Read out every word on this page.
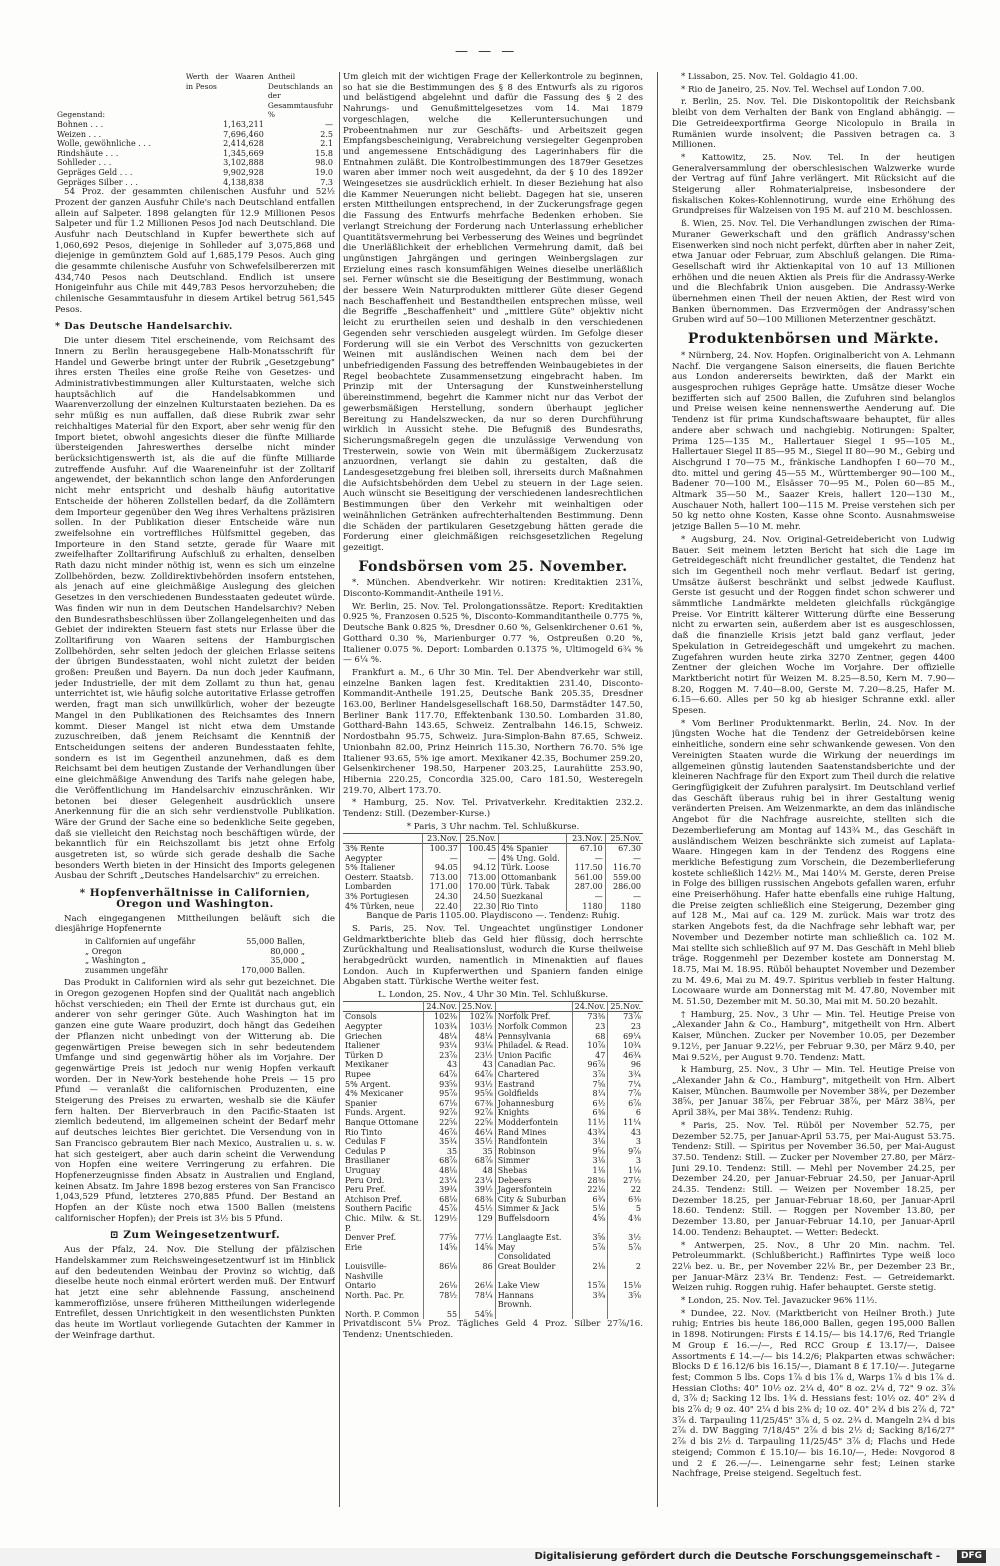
— — —
Gegenstand:	Werth der Waaren in Pesos	Antheil Deutschlands an der Gesammtausfuhr %
Bohnen . . .	1,163,211	—
Weizen . . .	7,696,460	2.5
Wolle, gewöhnliche . . .	2,414,628	2.1
Rindshäute . . .	1,345,669	15.8
Sohlleder . . .	3,102,888	98.0
Gepräges Geld . . .	9,902,928	19.0
Gepräges Silber . . .	4,138,838	7.3

54 Proz. der gesammten chilenischen Ausfuhr und 52½ Prozent der ganzen Ausfuhr Chile's nach Deutschland entfallen allein auf Salpeter. 1898 gelangten für 12.9 Millionen Pesos Salpeter und für 1.2 Millionen Pesos Jod nach Deutschland. Die Ausfuhr nach Deutschland in Kupfer bewerthete sich auf 1,060,692 Pesos, diejenige in Sohlleder auf 3,075,868 und diejenige in gemünztem Gold auf 1,685,179 Pesos. Auch ging die gesammte chilenische Ausfuhr von Schwefelsilbererzen mit 434,740 Pesos nach Deutschland. Endlich ist unsere Honigeinfuhr aus Chile mit 449,783 Pesos hervorzuheben; die chilenische Gesammtausfuhr in diesem Artikel betrug 561,545 Pesos.

* Das Deutsche Handelsarchiv.

Die unter diesem Titel erscheinende, vom Reichsamt des Innern zu Berlin herausgegebene Halb-Monatsschrift für Handel und Gewerbe bringt unter der Rubrik „Gesetzgebung" ihres ersten Theiles eine große Reihe von Gesetzes- und Administrativbestimmungen aller Kulturstaaten, welche sich hauptsächlich auf die Handelsabkommen und Waarenverzollung der einzelnen Kulturstaaten beziehen. Da es sehr müßig es nun auffallen, daß diese Rubrik zwar sehr reichhaltiges Material für den Export, aber sehr wenig für den Import bietet, obwohl angesichts dieser die fünfte Milliarde übersteigenden Jahreswerthes derselbe nicht minder berücksichtigenswerth ist, als die auf die fünfte Milliarde zutreffende Ausfuhr. Auf die Waareneinfuhr ist der Zolltarif angewendet, der bekanntlich schon lange den Anforderungen nicht mehr entspricht und deshalb häufig autoritative Entscheide der höheren Zollstellen bedarf, da die Zollämtern dem Importeur gegenüber den Weg ihres Verhaltens präzisiren sollen. In der Publikation dieser Entscheide wäre nun zweifelsohne ein vortreffliches Hülfsmittel gegeben, das Importeure in den Stand setzte, gerade für Waare mit zweifelhafter Zolltarifirung Aufschluß zu erhalten, denselben Rath dazu nicht minder nöthig ist, wenn es sich um einzelne Zollbehörden, bezw. Zolldirektivbehörden insofern entstehen, als jenach auf eine gleichmäßige Auslegung des gleichen Gesetzes in den verschiedenen Bundesstaaten gedeutet würde. Was finden wir nun in dem Deutschen Handelsarchiv? Neben den Bundesrathsbeschlüssen über Zollangelegenheiten und das Gebiet der indirekten Steuern fast stets nur Erlasse über die Zolltarifirung von Waaren seitens der Hamburgischen Zollbehörden, sehr selten jedoch der gleichen Erlasse seitens der übrigen Bundesstaaten, wohl nicht zuletzt der beiden großen: Preußen und Bayern. Da nun doch jeder Kaufmann, jeder Industrielle, der mit dem Zollamt zu thun hat, genau unterrichtet ist, wie häufig solche autoritative Erlasse getroffen werden, fragt man sich unwillkürlich, woher der bezeugte Mangel in den Publikationen des Reichsamtes des Innern kommt. Dieser Mangel ist nicht etwa dem Umstande zuzuschreiben, daß jenem Reichsamt die Kenntniß der Entscheidungen seitens der anderen Bundesstaaten fehlte, sondern es ist im Gegentheil anzunehmen, daß es dem Reichsamt bei dem heutigen Zustande der Verhandlungen über eine gleichmäßige Anwendung des Tarifs nahe gelegen habe, die Veröffentlichung im Handelsarchiv einzuschränken. Wir betonen bei dieser Gelegenheit ausdrücklich unsere Anerkennung für die an sich sehr verdienstvolle Publikation. Wäre der Grund der Sache eine so bedenkliche Seite gegeben, daß sie vielleicht den Reichstag noch beschäftigen würde, der bekanntlich für ein Reichszollamt bis jetzt ohne Erfolg ausgetreten ist, so würde sich gerade deshalb die Sache besonders Werth bieten in der Hinsicht des Imports gelegenen Ausbau der Schrift „Deutsches Handelsarchiv" zu erreichen.

* Hopfenverhältnisse in Californien, Oregon und Washington.

Nach eingegangenen Mittheilungen beläuft sich die diesjährige Hopfenernte

in Californien auf ungefähr	55,000 Ballen,
„ Oregon	80,000 „
„ Washington „	35,000 „
zusammen ungefähr	170,000 Ballen.

Das Produkt in Californien wird als sehr gut bezeichnet. Die in Oregon gezogenen Hopfen sind der Qualität nach angeblich höchst verschieden; ein Theil der Ernte ist durchaus gut, ein anderer von sehr geringer Güte. Auch Washington hat im ganzen eine gute Waare produzirt, doch hängt das Gedeihen der Pflanzen nicht unbedingt von der Witterung ab. Die gegenwärtigen Preise bewegen sich in sehr bedeutendem Umfange und sind gegenwärtig höher als im Vorjahre. Der gegenwärtige Preis ist jedoch nur wenig Hopfen verkauft worden. Der in New-York bestehende hohe Preis — 15 pro Pfund — veranlaßt die californischen Produzenten, eine Steigerung des Preises zu erwarten, weshalb sie die Käufer fern halten. Der Bierverbrauch in den Pacific-Staaten ist ziemlich bedeutend, im allgemeinen scheint der Bedarf mehr auf deutsches leichtes Bier gerichtet. Die Versendung von in San Francisco gebrautem Bier nach Mexico, Australien u. s. w. hat sich gesteigert, aber auch darin scheint die Verwendung von Hopfen eine weitere Verringerung zu erfahren. Die Hopfenerzeugnisse finden Absatz in Australien und England, keinen Absatz. Im Jahre 1898 bezog ersteres von San Francisco 1,043,529 Pfund, letzteres 270,885 Pfund. Der Bestand an Hopfen an der Küste noch etwa 1500 Ballen (meistens californischer Hopfen); der Preis ist 3½ bis 5 Pfund.

⊡ Zum Weingesetzentwurf.

Aus der Pfalz, 24. Nov. Die Stellung der pfälzischen Handelskammer zum Reichsweingesetzentwurf ist im Hinblick auf den bedeutenden Weinbau der Provinz so wichtig, daß dieselbe heute noch einmal erörtert werden muß. Der Entwurf hat jetzt eine sehr ablehnende Fassung, anscheinend kammeroffiziöse, unsere früheren Mittheilungen widerlegende Entrefilet, dessen Unrichtigkeit in den wesentlichsten Punkten das heute im Wortlaut vorliegende Gutachten der Kammer in der Weinfrage darthut.

Um gleich mit der wichtigen Frage der Kellerkontrole zu beginnen, so hat sie die Bestimmungen des § 8 des Entwurfs als zu rigoros und belästigend abgelehnt und dafür die Fassung des § 2 des Nahrungs- und Genußmittelgesetzes vom 14. Mai 1879 vorgeschlagen, welche die Kelleruntersuchungen und Probeentnahmen nur zur Geschäfts- und Arbeitszeit gegen Empfangsbescheinigung, Verabreichung versiegelter Gegenproben und angemessene Entschädigung des Lagerinhabers für die Entnahmen zuläßt. Die Kontrolbestimmungen des 1879er Gesetzes waren aber immer noch weit ausgedehnt, da der § 10 des 1892er Weingesetzes sie ausdrücklich erhielt. In dieser Beziehung hat also die Kammer Neuerungen nicht beliebt. Dagegen hat sie, unseren ersten Mittheilungen entsprechend, in der Zuckerungsfrage gegen die Fassung des Entwurfs mehrfache Bedenken erhoben. Sie verlangt Streichung der Forderung nach Unterlassung erheblicher Quantitätsvermehrung bei Verbesserung des Weines und begründet die Unerläßlichkeit der erheblichen Vermehrung damit, daß bei ungünstigen Jahrgängen und geringen Weinbergslagen zur Erzielung eines rasch konsumfähigen Weines dieselbe unerläßlich sei. Ferner wünscht sie die Beseitigung der Bestimmung, wonach der bessere Wein Naturprodukten mittlerer Güte dieser Gegend nach Beschaffenheit und Bestandtheilen entsprechen müsse, weil die Begriffe „Beschaffenheit" und „mittlere Güte" objektiv nicht leicht zu erurtheilen seien und deshalb in den verschiedenen Gegenden sehr verschieden ausgelegt würden. Im Gefolge dieser Forderung will sie ein Verbot des Verschnitts von gezuckerten Weinen mit ausländischen Weinen nach dem bei der unbefriedigenden Fassung des betreffenden Weinbaugebietes in der Regel beobachtete Zusammensetzung eingebracht haben. Im Prinzip mit der Untersagung der Kunstweinherstellung übereinstimmend, begehrt die Kammer nicht nur das Verbot der gewerbsmäßigen Herstellung, sondern überhaupt jeglicher Bereitung zu Handelszwecken, da nur so deren Durchführung wirklich in Aussicht stehe. Die Befugniß des Bundesraths, Sicherungsmaßregeln gegen die unzulässige Verwendung von Tresterwein, sowie von Wein mit übermäßigem Zuckerzusatz anzuordnen, verlangt sie dahin zu gestalten, daß die Landesgesetzgebung frei bleiben soll, ihrerseits durch Maßnahmen die Aufsichtsbehörden dem Uebel zu steuern in der Lage seien. Auch wünscht sie Beseitigung der verschiedenen landesrechtlichen Bestimmungen über den Verkehr mit weinhaltigen oder weinähnlichen Getränken aufrechterhaltenden Bestimmung. Denn die Schäden der partikularen Gesetzgebung hätten gerade die Forderung einer gleichmäßigen reichsgesetzlichen Regelung gezeitigt.

Fondsbörsen vom 25. November.

*. München. Abendverkehr. Wir notiren: Kreditaktien 231⅞, Disconto-Kommandit-Antheile 191½.

Wr. Berlin, 25. Nov. Tel. Prolongationssätze. Report: Kreditaktien 0.925 %, Franzosen 0.525 %, Disconto-Kommanditantheile 0.775 %, Deutsche Bank 0.825 %, Dresdner 0.60 %, Gelsenkirchener 0.61 %, Gotthard 0.30 %, Marienburger 0.77 %, Ostpreußen 0.20 %, Italiener 0.075 %. Deport: Lombarden 0.1375 %, Ultimogeld 6¾ % — 6¼ %.

Frankfurt a. M., 6 Uhr 30 Min. Tel. Der Abendverkehr war still, einzelne Banken lagen fest. Kreditaktien 231.40, Disconto-Kommandit-Antheile 191.25, Deutsche Bank 205.35, Dresdner 163.00, Berliner Handelsgesellschaft 168.50, Darmstädter 147.50, Berliner Bank 117.70, Effektenbank 130.50. Lombarden 31.80, Gotthard-Bahn 143.65, Schweiz. Zentralbahn 146.15, Schweiz. Nordostbahn 95.75, Schweiz. Jura-Simplon-Bahn 87.65, Schweiz. Unionbahn 82.00, Prinz Heinrich 115.30, Northern 76.70. 5% ige Italiener 93.65, 5% ige amort. Mexikaner 42.35, Bochumer 259.20, Gelsenkirchener 198.50, Harpener 203.25, Laurahütte 253.90, Hibernia 220.25, Concordia 325.00, Caro 181.50, Westeregeln 219.70, Albert 173.70.

* Hamburg, 25. Nov. Tel. Privatverkehr. Kreditaktien 232.2. Tendenz: Still. (Dezember-Kurse.)

* Paris, 3 Uhr nachm. Tel. Schlußkurse.
	23.Nov.	25.Nov.		23.Nov.	25.Nov.
3% Rente	100.37	100.45	4% Spanier	67.10	67.30
Aegypter	—	—	4% Ung. Gold.	—	—
5% Italiener	94.05	94.12	Türk. Loose	117.50	116.70
Oesterr. Staatsb.	713.00	713.00	Ottomanbank	561.00	559.00
Lombarden	171.00	170.00	Türk. Tabak	287.00	286.00
3% Portugiesen	24.30	24.50	Suezkanal	—	—
4% Türken, neue	22.40	22.30	Rio Tinto	1180	1180

Banque de Paris 1105.00. Playdiscono —. Tendenz: Ruhig.

S. Paris, 25. Nov. Tel. Ungeachtet ungünstiger Londoner Geldmarktberichte blieb das Geld hier flüssig, doch herrschte Zurückhaltung und Realisationslust, wodurch die Kurse theilweise herabgedrückt wurden, namentlich in Minenaktien auf flaues London. Auch in Kupferwerthen und Spaniern fanden einige Abgaben statt. Türkische Werthe weiter fest.

L. London, 25. Nov., 4 Uhr 30 Min. Tel. Schlußkurse.
	24.Nov.	25.Nov.		24.Nov.	25.Nov.
Consols	102⅜	102⅞	Norfolk Pref.	73⅜	73⅞
Aegypter	103¾	103½	Norfolk Common	23	23
Griechen	48¼	48¼	Pennsylvania	68	69¼
Italiener	93¼	93⅛	Philadel. & Read.	10⅞	10¾
Türken D	23⅞	23½	Union Pacific	47	46¾
Mexikaner	43	43	Canadian Pac.	96⅞	96
Rupee	64⅞	64⅞	Chartered	3⅞	3¾
5% Argent.	93⅝	93½	Eastrand	7⅝	7¼
4% Mexicaner	95⅞	95⅝	Goldfields	8¼	7⅞
Spanier	67⅛	67⅜	Johannesburg	6½	6⅞
Funds. Argent.	92⅞	92⅞	Knights	6⅜	6
Banque Ottomane	22⅝	22⅝	Modderfontein	11½	11¼
Rio Tinto	46⅞	46¼	Rand Mines	43¾	43
Cedulas F	35¾	35½	Randfontein	3⅛	3
Cedulas P	35	35	Robinson	9⅝	9⅞
Brasilianer	68⅞	68⅞	Simmer	3⅛	3
Uruguay	48⅛	48	Shebas	1⅛	1⅛
Peru Ord.	23¼	23¼	Debeers	28⅜	27½
Peru Pref.	39¾	39½	Jagersfontein	22⅛	22
Atchison Pref.	68⅛	68⅜	City & Suburban	6¾	6⅜
Southern Pacific	45⅞	45½	Simmer & Jack	5⅛	5
Chic. Milw. & St. P.	129½	129	Buffelsdoorn	4⅝	4⅜
Denver Pref.	77⅝	77½	Langlaagte Est.	3⅝	3½
Erie	14⅝	14⅝	May Consolidated	5⅞	5⅞
Louisville-Nashville	86⅛	86	Great Boulder	2⅛	2
Ontario	26⅛	26⅛	Lake View	15⅞	15⅛
North. Pac. Pr.	78½	78¼	Hannans Brownh.	3¾	3⅝
North. P. Common	55	54⅝			

Privatdiscont 5¼ Proz. Tägliches Geld 4 Proz. Silber 27⅞/16. Tendenz: Unentschieden.

* Lissabon, 25. Nov. Tel. Goldagio 41.00.

* Rio de Janeiro, 25. Nov. Tel. Wechsel auf London 7.00.

r. Berlin, 25. Nov. Tel. Die Diskontopolitik der Reichsbank bleibt von dem Verhalten der Bank von England abhängig. — Die Getreideexportfirma George Nicolopulo in Braila in Rumänien wurde insolvent; die Passiven betragen ca. 3 Millionen.

* Kattowitz, 25. Nov. Tel. In der heutigen Generalversammlung der oberschlesischen Walzwerke wurde der Vertrag auf fünf Jahre verlängert. Mit Rücksicht auf die Steigerung aller Rohmaterialpreise, insbesondere der fiskalischen Kokes-Kohlennotirung, wurde eine Erhöhung des Grundpreises für Walzeisen von 195 M. auf 210 M. beschlossen.

ß. Wien, 25. Nov. Tel. Die Verhandlungen zwischen der Rima-Muraner Gewerkschaft und den gräflich Andrassy'schen Eisenwerken sind noch nicht perfekt, dürften aber in naher Zeit, etwa Januar oder Februar, zum Abschluß gelangen. Die Rima-Gesellschaft wird ihr Aktienkapital von 10 auf 13 Millionen erhöhen und die neuen Aktien als Preis für die Andrassy-Werke und die Blechfabrik Union ausgeben. Die Andrassy-Werke übernehmen einen Theil der neuen Aktien, der Rest wird von Banken übernommen. Das Erzvermögen der Andrassy'schen Gruben wird auf 50—100 Millionen Meterzentner geschätzt.

Produktenbörsen und Märkte.

* Nürnberg, 24. Nov. Hopfen. Originalbericht von A. Lehmann Nachf. Die vergangene Saison einerseits, die flauen Berichte aus London andererseits bewirkten, daß der Markt ein ausgesprochen ruhiges Gepräge hatte. Umsätze dieser Woche bezifferten sich auf 2500 Ballen, die Zufuhren sind belanglos und Preise weisen keine nennenswerthe Aenderung auf. Die Tendenz ist für prima Kundschaftswaare behauptet, für alles andere aber schwach und nachgiebig. Notirungen: Spalter, Prima 125—135 M., Hallertauer Siegel I 95—105 M., Hallertauer Siegel II 85—95 M., Siegel II 80—90 M., Gebirg und Aischgrund I 70—75 M., fränkische Landhopfen I 60—70 M., dto. mittel und gering 45—55 M., Württemberger 90—100 M., Badener 70—100 M., Elsässer 70—95 M., Polen 60—85 M., Altmark 35—50 M., Saazer Kreis, hallert 120—130 M., Auschauer Noth, hallert 100—115 M. Preise verstehen sich per 50 kg netto ohne Kosten, Kasse ohne Sconto. Ausnahmsweise jetzige Ballen 5—10 M. mehr.

* Augsburg, 24. Nov. Original-Getreidebericht von Ludwig Bauer. Seit meinem letzten Bericht hat sich die Lage im Getreidegeschäft nicht freundlicher gestaltet, die Tendenz hat sich im Gegentheil noch mehr verflaut. Bedarf ist gering, Umsätze äußerst beschränkt und selbst jedwede Kauflust. Gerste ist gesucht und der Roggen findet schon schwerer und sämmtliche Landmärkte meldeten gleichfalls rückgängige Preise. Vor Eintritt kälterer Witterung dürfte eine Besserung nicht zu erwarten sein, außerdem aber ist es ausgeschlossen, daß die finanzielle Krisis jetzt bald ganz verflaut, jeder Spekulation in Getreidegeschäft und umgekehrt zu machen. Zugefahren wurden heute zirka 3270 Zentner, gegen 4400 Zentner der gleichen Woche im Vorjahre. Der offizielle Marktbericht notirt für Weizen M. 8.25—8.50, Kern M. 7.90—8.20, Roggen M. 7.40—8.00, Gerste M. 7.20—8.25, Hafer M. 6.15—6.60. Alles per 50 kg ab hiesiger Schranne exkl. aller Spesen.

* Vom Berliner Produktenmarkt. Berlin, 24. Nov. In der jüngsten Woche hat die Tendenz der Getreidebörsen keine einheitliche, sondern eine sehr schwankende gewesen. Von den Vereinigten Staaten wurde die Wirkung der neuerdings im allgemeinen günstig lautenden Saatenstandsberichte und der kleineren Nachfrage für den Export zum Theil durch die relative Geringfügigkeit der Zufuhren paralysirt. Im Deutschland verlief das Geschäft überaus ruhig bei in ihrer Gestaltung wenig veränderten Preisen. Am Weizenmarkte, an dem das inländische Angebot für die Nachfrage ausreichte, stellten sich die Dezemberlieferung am Montag auf 143¾ M., das Geschäft in ausländischem Weizen beschränkte sich zumeist auf Laplata-Waare. Hingegen kam in der Tendenz des Roggens eine merkliche Befestigung zum Vorschein, die Dezemberlieferung kostete schließlich 142½ M., Mai 140¼ M. Gerste, deren Preise in Folge des billigen russischen Angebots gefallen waren, erfuhr eine Preiserhöhung. Hafer hatte ebenfalls eine ruhige Haltung, die Preise zeigten schließlich eine Steigerung, Dezember ging auf 128 M., Mai auf ca. 129 M. zurück. Mais war trotz des starken Angebots fest, da die Nachfrage sehr lebhaft war, per November und Dezember notirte man schließlich ca. 102 M. Mai stellte sich schließlich auf 97 M. Das Geschäft in Mehl blieb träge. Roggenmehl per Dezember kostete am Donnerstag M. 18.75, Mai M. 18.95. Rüböl behauptet November und Dezember zu M. 49.6, Mai zu M. 49.7. Spiritus verblieb in fester Haltung. Locowaare wurde am Donnerstag mit M. 47.80, November mit M. 51.50, Dezember mit M. 50.30, Mai mit M. 50.20 bezahlt.

† Hamburg, 25. Nov., 3 Uhr — Min. Tel. Heutige Preise von „Alexander Jahn & Co., Hamburg", mitgetheilt von Hrn. Albert Kaiser, München. Zucker per November 10.05, per Dezember 9.12½, per Januar 9.22½, per Februar 9.30, per März 9.40, per Mai 9.52½, per August 9.70. Tendenz: Matt.

k Hamburg, 25. Nov., 3 Uhr — Min. Tel. Heutige Preise von „Alexander Jahn & Co., Hamburg", mitgetheilt von Hrn. Albert Kaiser, München. Baumwolle per November 38¾, per Dezember 38⅝, per Januar 38⅞, per Februar 38⅞, per März 38¾, per April 38¾, per Mai 38¾. Tendenz: Ruhig.

* Paris, 25. Nov. Tel. Rüböl per November 52.75, per Dezember 52.75, per Januar-April 53.75, per Mai-August 53.75. Tendenz: Still. — Spiritus per November 36.50, per Mai-August 37.50. Tendenz: Still. — Zucker per November 27.80, per März-Juni 29.10. Tendenz: Still. — Mehl per November 24.25, per Dezember 24.20, per Januar-Februar 24.50, per Januar-April 24.35. Tendenz: Still. — Weizen per November 18.25, per Dezember 18.25, per Januar-Februar 18.60, per Januar-April 18.60. Tendenz: Still. — Roggen per November 13.80, per Dezember 13.80, per Januar-Februar 14.10, per Januar-April 14.00. Tendenz: Behauptet. — Wetter: Bedeckt.

* Antwerpen, 25. Nov., 8 Uhr 20 Min. nachm. Tel. Petroleummarkt. (Schlußbericht.) Raffinirtes Type weiß loco 22⅛ bez. u. Br., per November 22⅛ Br., per Dezember 23 Br., per Januar-März 23¼ Br. Tendenz: Fest. — Getreidemarkt. Weizen ruhig. Roggen ruhig. Hafer behauptet. Gerste stetig.

* London, 25. Nov. Tel. Javazucker 96% 11½.

* Dundee, 22. Nov. (Marktbericht von Heilner Broth.) Jute ruhig; Entries bis heute 186,000 Ballen, gegen 195,000 Ballen in 1898. Notirungen: Firsts £ 14.15/— bis 14.17/6, Red Triangle M Group £ 16.—/—, Red RCC Group £ 13.17/—, Daisee Assortments £ 14.—/— bis 14.2/6; Plakparten etwas schwächer: Blocks D £ 16.12/6 bis 16.15/—, Diamant 8 £ 17.10/—. Jutegarne fest; Common 5 lbs. Cops 1⅞ d bis 1⅞ d, Warps 1⅞ d bis 1⅞ d. Hessian Cloths: 40" 10½ oz. 2¼ d, 40" 8 oz. 2¼ d, 72" 9 oz. 3⅞ d, 3⅞ d; Sacking 12 lbs. 1¾ d. Hessians fest: 10½ oz. 40" 2¾ d bis 2⅞ d; 9 oz. 40" 2¼ d bis 2⅜ d; 10 oz. 40" 2¾ d bis 2⅞ d, 72" 3⅞ d. Tarpauling 11/25/45" 3⅞ d, 5 oz. 2¾ d. Mangeln 2¾ d bis 2⅞ d. DW Bagging 7/18/45" 2⅞ d bis 2½ d; Sacking 8/16/27" 2⅞ d bis 2½ d. Tarpauling 11/25/45" 3⅞ d; Flachs und Hede steigend; Common £ 15.10/— bis 16.10/—, Hede: Novgorod 8 und 2 £ 26.—/—. Leinengarne sehr fest; Leinen starke Nachfrage, Preise steigend. Segeltuch fest.

Digitalisierung gefördert durch die Deutsche Forschungsgemeinschaft -	DFG
